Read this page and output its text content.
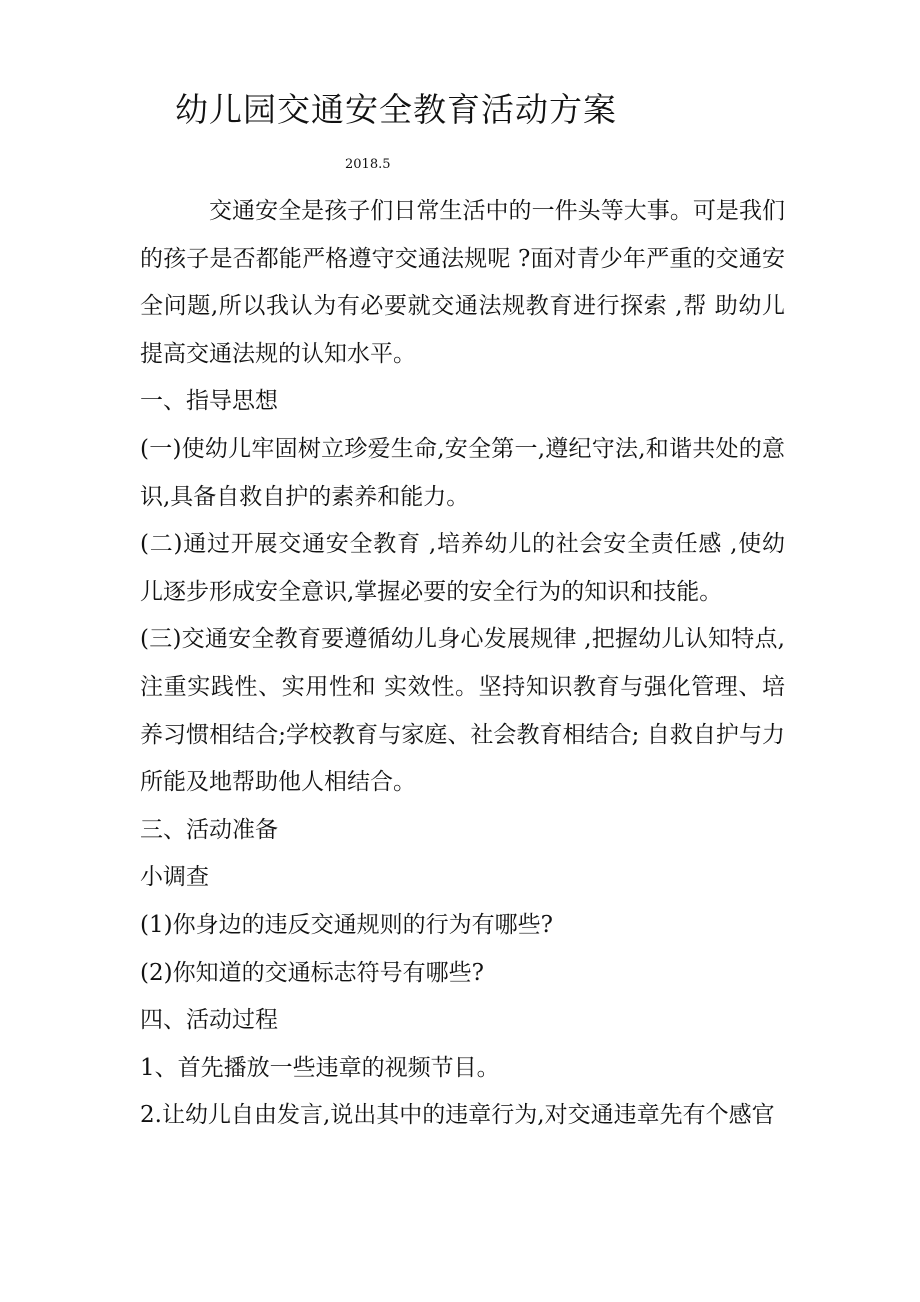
幼儿园交通安全教育活动方案
2018.5

交通安全是孩子们日常生活中的一件头等大事。可是我们的孩子是否都能严格遵守交通法规呢 ?面对青少年严重的交通安全问题,所以我认为有必要就交通法规教育进行探索 ,帮 助幼儿提高交通法规的认知水平。

一、指导思想

(一)使幼儿牢固树立珍爱生命,安全第一,遵纪守法,和谐共处的意识,具备自救自护的素养和能力。

(二)通过开展交通安全教育 ,培养幼儿的社会安全责任感 ,使幼儿逐步形成安全意识,掌握必要的安全行为的知识和技能。

(三)交通安全教育要遵循幼儿身心发展规律 ,把握幼儿认知特点,注重实践性、实用性和 实效性。坚持知识教育与强化管理、培养习惯相结合;学校教育与家庭、社会教育相结合; 自救自护与力所能及地帮助他人相结合。

三、活动准备

小调查

(1)你身边的违反交通规则的行为有哪些?

(2)你知道的交通标志符号有哪些?

四、活动过程

1、首先播放一些违章的视频节目。

2.让幼儿自由发言,说出其中的违章行为,对交通违章先有个感官
